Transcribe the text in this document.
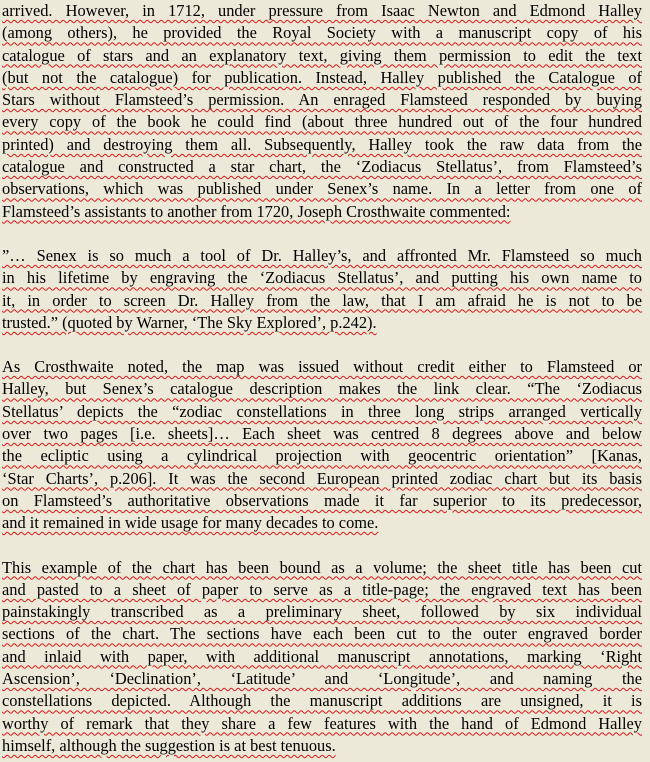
arrived. However, in 1712, under pressure from Isaac Newton and Edmond Halley
(among others), he provided the Royal Society with a manuscript copy of his
catalogue of stars and an explanatory text, giving them permission to edit the text
(but not the catalogue) for publication. Instead, Halley published the Catalogue of
Stars without Flamsteed’s permission. An enraged Flamsteed responded by buying
every copy of the book he could find (about three hundred out of the four hundred
printed) and destroying them all. Subsequently, Halley took the raw data from the
catalogue and constructed a star chart, the ‘Zodiacus Stellatus’, from Flamsteed’s
observations, which was published under Senex’s name. In a letter from one of
Flamsteed’s assistants to another from 1720, Joseph Crosthwaite commented:
”… Senex is so much a tool of Dr. Halley’s, and affronted Mr. Flamsteed so much
in his lifetime by engraving the ‘Zodiacus Stellatus’, and putting his own name to
it, in order to screen Dr. Halley from the law, that I am afraid he is not to be
trusted.” (quoted by Warner, ‘The Sky Explored’, p.242).
As Crosthwaite noted, the map was issued without credit either to Flamsteed or
Halley, but Senex’s catalogue description makes the link clear. “The ‘Zodiacus
Stellatus’ depicts the “zodiac constellations in three long strips arranged vertically
over two pages [i.e. sheets]… Each sheet was centred 8 degrees above and below
the ecliptic using a cylindrical projection with geocentric orientation” [Kanas,
‘Star Charts’, p.206]. It was the second European printed zodiac chart but its basis
on Flamsteed’s authoritative observations made it far superior to its predecessor,
and it remained in wide usage for many decades to come.
This example of the chart has been bound as a volume; the sheet title has been cut
and pasted to a sheet of paper to serve as a title-page; the engraved text has been
painstakingly transcribed as a preliminary sheet, followed by six individual
sections of the chart. The sections have each been cut to the outer engraved border
and inlaid with paper, with additional manuscript annotations, marking ‘Right
Ascension’, ‘Declination’, ‘Latitude’ and ‘Longitude’, and naming the
constellations depicted. Although the manuscript additions are unsigned, it is
worthy of remark that they share a few features with the hand of Edmond Halley
himself, although the suggestion is at best tenuous.
